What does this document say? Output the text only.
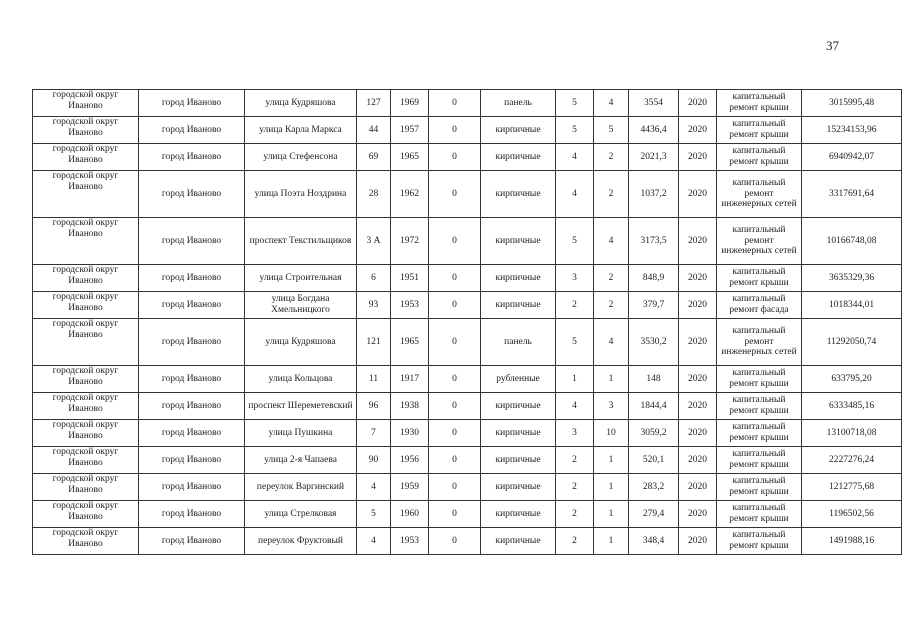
37
городской округ Иваново	город Иваново	улица Кудряшова	127	1969	0	панель	5	4	3554	2020	капитальный ремонт крыши	3015995,48
городской округ Иваново	город Иваново	улица Карла Маркса	44	1957	0	кирпичные	5	5	4436,4	2020	капитальный ремонт крыши	15234153,96
городской округ Иваново	город Иваново	улица Стефенсона	69	1965	0	кирпичные	4	2	2021,3	2020	капитальный ремонт крыши	6940942,07
городской округ Иваново	город Иваново	улица Поэта Ноздрина	28	1962	0	кирпичные	4	2	1037,2	2020	капитальный ремонт инженерных сетей	3317691,64
городской округ Иваново	город Иваново	проспект Текстильщиков	3 А	1972	0	кирпичные	5	4	3173,5	2020	капитальный ремонт инженерных сетей	10166748,08
городской округ Иваново	город Иваново	улица Строительная	6	1951	0	кирпичные	3	2	848,9	2020	капитальный ремонт крыши	3635329,36
городской округ Иваново	город Иваново	улица Богдана Хмельницкого	93	1953	0	кирпичные	2	2	379,7	2020	капитальный ремонт фасада	1018344,01
городской округ Иваново	город Иваново	улица Кудряшова	121	1965	0	панель	5	4	3530,2	2020	капитальный ремонт инженерных сетей	11292050,74
городской округ Иваново	город Иваново	улица Кольцова	11	1917	0	рубленные	1	1	148	2020	капитальный ремонт крыши	633795,20
городской округ Иваново	город Иваново	проспект Шереметевский	96	1938	0	кирпичные	4	3	1844,4	2020	капитальный ремонт крыши	6333485,16
городской округ Иваново	город Иваново	улица Пушкина	7	1930	0	кирпичные	3	10	3059,2	2020	капитальный ремонт крыши	13100718,08
городской округ Иваново	город Иваново	улица 2-я Чапаева	90	1956	0	кирпичные	2	1	520,1	2020	капитальный ремонт крыши	2227276,24
городской округ Иваново	город Иваново	переулок Варгинский	4	1959	0	кирпичные	2	1	283,2	2020	капитальный ремонт крыши	1212775,68
городской округ Иваново	город Иваново	улица Стрелковая	5	1960	0	кирпичные	2	1	279,4	2020	капитальный ремонт крыши	1196502,56
городской округ Иваново	город Иваново	переулок Фруктовый	4	1953	0	кирпичные	2	1	348,4	2020	капитальный ремонт крыши	1491988,16
